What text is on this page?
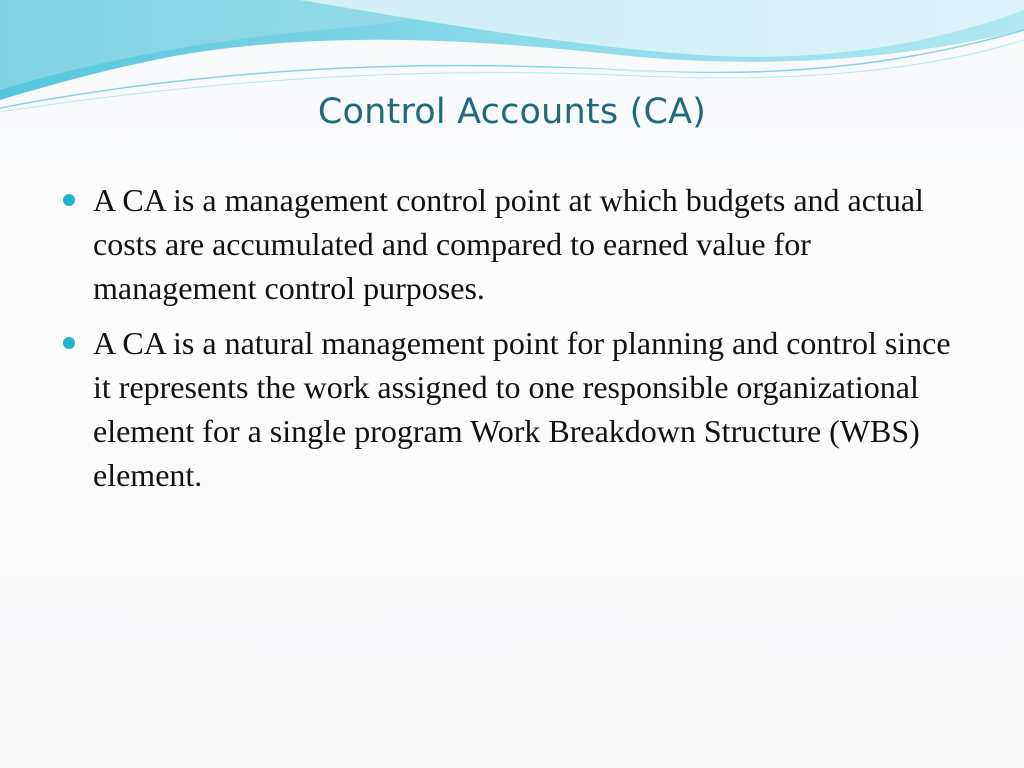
Control Accounts (CA)
A CA is a management control point at which budgets and actual costs are accumulated and compared to earned value for management control purposes.
A CA is a natural management point for planning and control since it represents the work assigned to one responsible organizational element for a single program Work Breakdown Structure (WBS) element.
